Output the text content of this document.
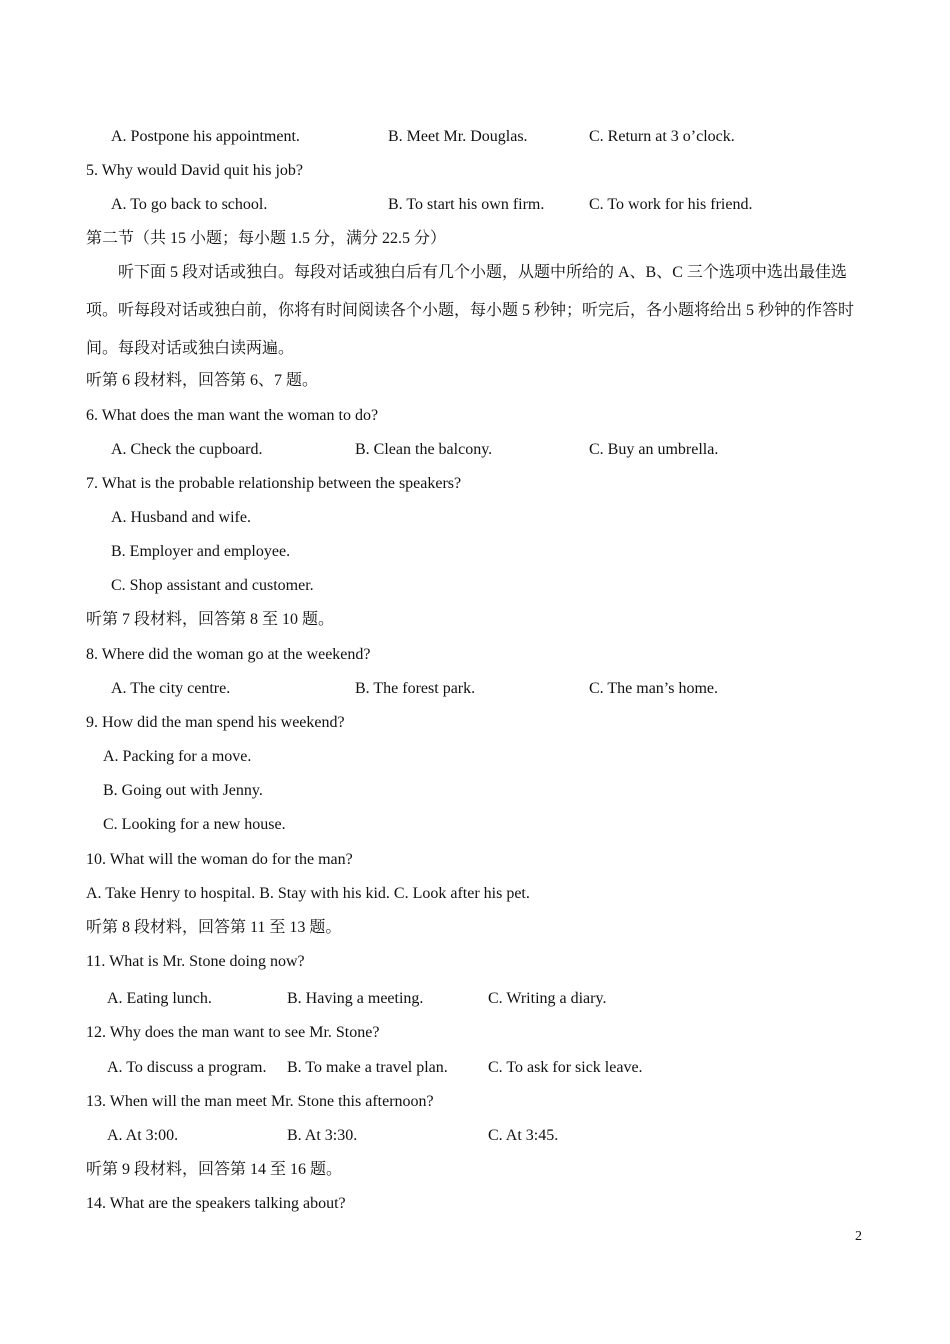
A. Postpone his appointment.	B. Meet Mr. Douglas.	C. Return at 3 o’clock.
5. Why would David quit his job?
A. To go back to school.	B. To start his own firm.	C. To work for his friend.
第二节（共 15 小题；每小题 1.5 分，满分 22.5 分）
听下面 5 段对话或独白。每段对话或独白后有几个小题，从题中所给的 A、B、C 三个选项中选出最佳选
项。听每段对话或独白前，你将有时间阅读各个小题，每小题 5 秒钟；听完后，各小题将给出 5 秒钟的作答时
间。每段对话或独白读两遍。
听第 6 段材料，回答第 6、7 题。
6. What does the man want the woman to do?
A. Check the cupboard.	B. Clean the balcony.	C. Buy an umbrella.
7. What is the probable relationship between the speakers?
A. Husband and wife.
B. Employer and employee.
C. Shop assistant and customer.
听第 7 段材料，回答第 8 至 10 题。
8. Where did the woman go at the weekend?
A. The city centre.	B. The forest park.	C. The man’s home.
9. How did the man spend his weekend?
A. Packing for a move.
B. Going out with Jenny.
C. Looking for a new house.
10. What will the woman do for the man?
A. Take Henry to hospital. B. Stay with his kid. C. Look after his pet.
听第 8 段材料，回答第 11 至 13 题。
11. What is Mr. Stone doing now?
A. Eating lunch.	B. Having a meeting.	C. Writing a diary.
12. Why does the man want to see Mr. Stone?
A. To discuss a program. B. To make a travel plan.	C. To ask for sick leave.
13. When will the man meet Mr. Stone this afternoon?
A. At 3:00.	B. At 3:30.	C. At 3:45.
听第 9 段材料，回答第 14 至 16 题。
14. What are the speakers talking about?
2
